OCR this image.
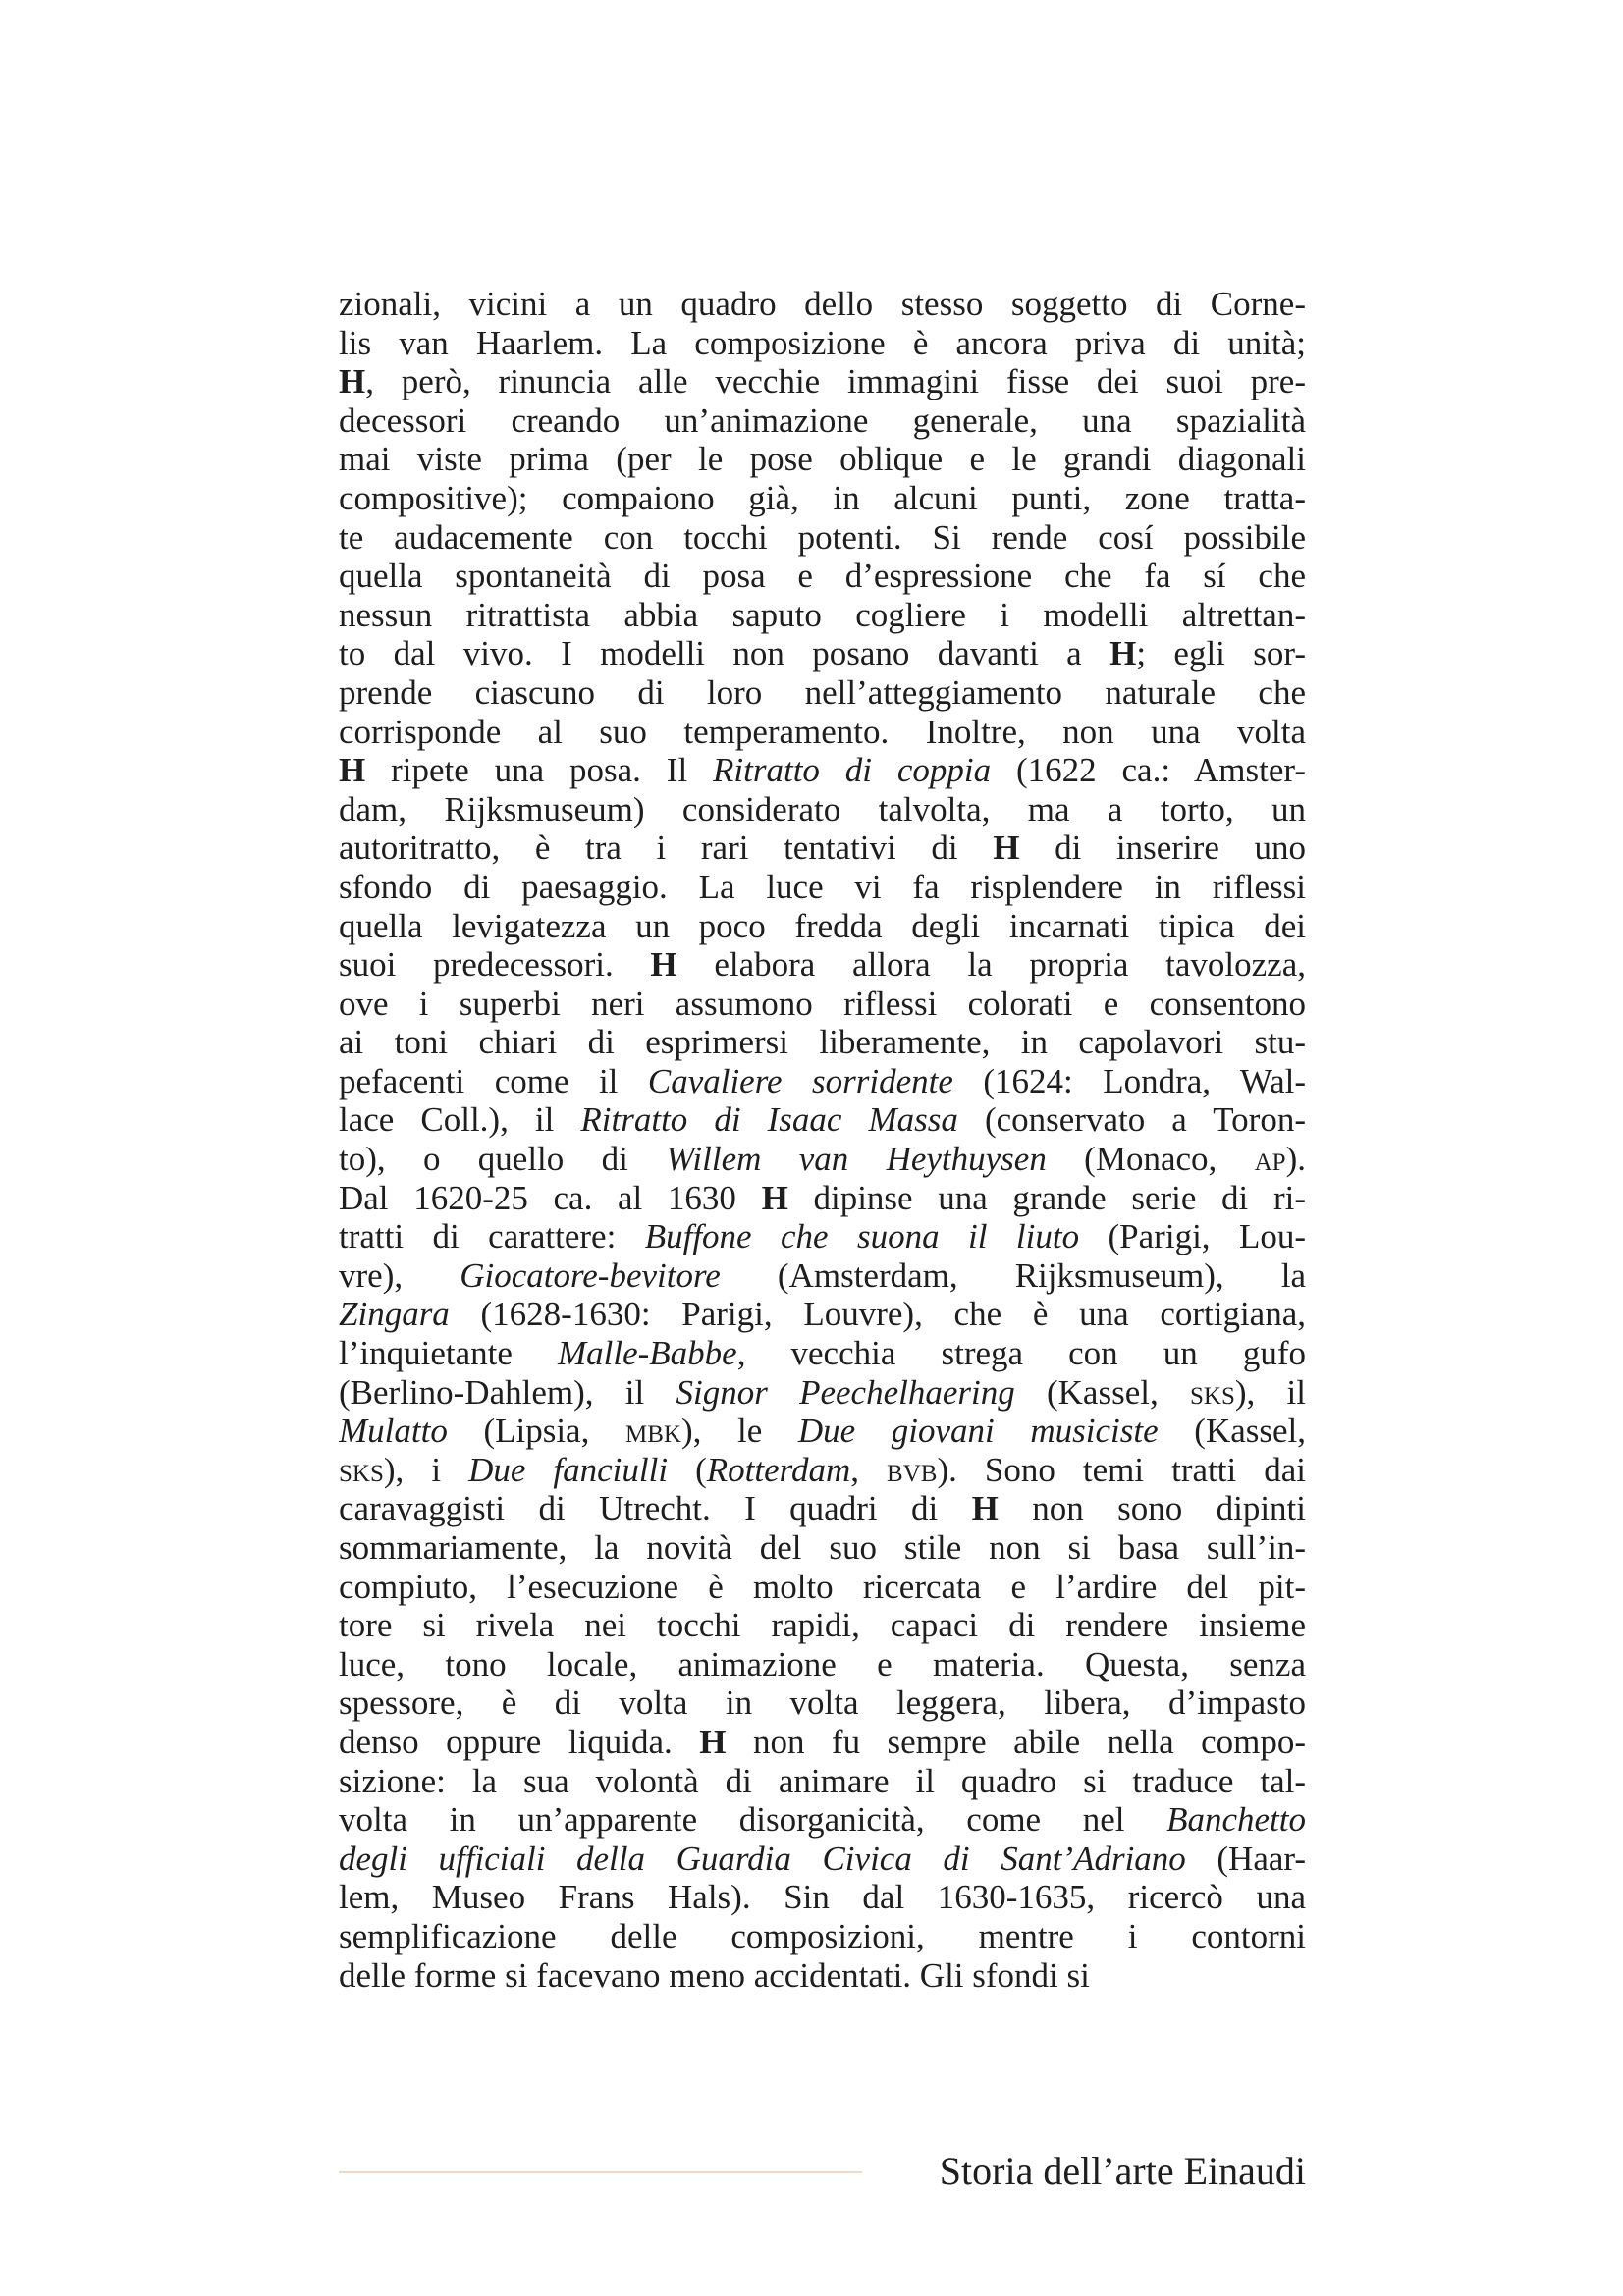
zionali, vicini a un quadro dello stesso soggetto di Corne-
lis van Haarlem. La composizione è ancora priva di unità;
H, però, rinuncia alle vecchie immagini fisse dei suoi pre-
decessori creando un’animazione generale, una spazialità
mai viste prima (per le pose oblique e le grandi diagonali
compositive); compaiono già, in alcuni punti, zone tratta-
te audacemente con tocchi potenti. Si rende cosí possibile
quella spontaneità di posa e d’espressione che fa sí che
nessun ritrattista abbia saputo cogliere i modelli altrettan-
to dal vivo. I modelli non posano davanti a H; egli sor-
prende ciascuno di loro nell’atteggiamento naturale che
corrisponde al suo temperamento. Inoltre, non una volta
H ripete una posa. Il Ritratto di coppia (1622 ca.: Amster-
dam, Rijksmuseum) considerato talvolta, ma a torto, un
autoritratto, è tra i rari tentativi di H di inserire uno
sfondo di paesaggio. La luce vi fa risplendere in riflessi
quella levigatezza un poco fredda degli incarnati tipica dei
suoi predecessori. H elabora allora la propria tavolozza,
ove i superbi neri assumono riflessi colorati e consentono
ai toni chiari di esprimersi liberamente, in capolavori stu-
pefacenti come il Cavaliere sorridente (1624: Londra, Wal-
lace Coll.), il Ritratto di Isaac Massa (conservato a Toron-
to), o quello di Willem van Heythuysen (Monaco, ap).
Dal 1620-25 ca. al 1630 H dipinse una grande serie di ri-
tratti di carattere: Buffone che suona il liuto (Parigi, Lou-
vre), Giocatore-bevitore (Amsterdam, Rijksmuseum), la
Zingara (1628-1630: Parigi, Louvre), che è una cortigiana,
l’inquietante Malle-Babbe, vecchia strega con un gufo
(Berlino-Dahlem), il Signor Peechelhaering (Kassel, sks), il
Mulatto (Lipsia, mbk), le Due giovani musiciste (Kassel,
sks), i Due fanciulli (Rotterdam, bvb). Sono temi tratti dai
caravaggisti di Utrecht. I quadri di H non sono dipinti
sommariamente, la novità del suo stile non si basa sull’in-
compiuto, l’esecuzione è molto ricercata e l’ardire del pit-
tore si rivela nei tocchi rapidi, capaci di rendere insieme
luce, tono locale, animazione e materia. Questa, senza
spessore, è di volta in volta leggera, libera, d’impasto
denso oppure liquida. H non fu sempre abile nella compo-
sizione: la sua volontà di animare il quadro si traduce tal-
volta in un’apparente disorganicità, come nel Banchetto
degli ufficiali della Guardia Civica di Sant’Adriano (Haar-
lem, Museo Frans Hals). Sin dal 1630-1635, ricercò una
semplificazione delle composizioni, mentre i contorni
delle forme si facevano meno accidentati. Gli sfondi si
Storia dell’arte Einaudi
